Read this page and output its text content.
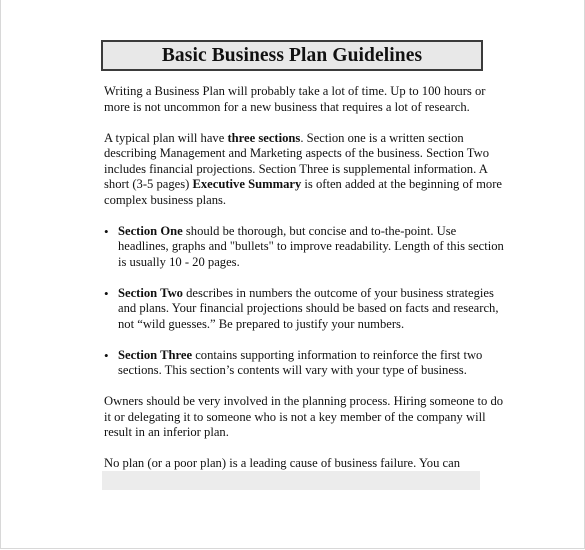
Basic Business Plan Guidelines

Writing a Business Plan will probably take a lot of time. Up to 100 hours or more is not uncommon for a new business that requires a lot of research.

A typical plan will have three sections. Section one is a written section describing Management and Marketing aspects of the business. Section Two includes financial projections. Section Three is supplemental information. A short (3-5 pages) Executive Summary is often added at the beginning of more complex business plans.

• Section One should be thorough, but concise and to-the-point. Use headlines, graphs and "bullets" to improve readability. Length of this section is usually 10 - 20 pages.
• Section Two describes in numbers the outcome of your business strategies and plans. Your financial projections should be based on facts and research, not “wild guesses.” Be prepared to justify your numbers.
• Section Three contains supporting information to reinforce the first two sections. This section’s contents will vary with your type of business.

Owners should be very involved in the planning process. Hiring someone to do it or delegating it to someone who is not a key member of the company will result in an inferior plan.

No plan (or a poor plan) is a leading cause of business failure. You can
